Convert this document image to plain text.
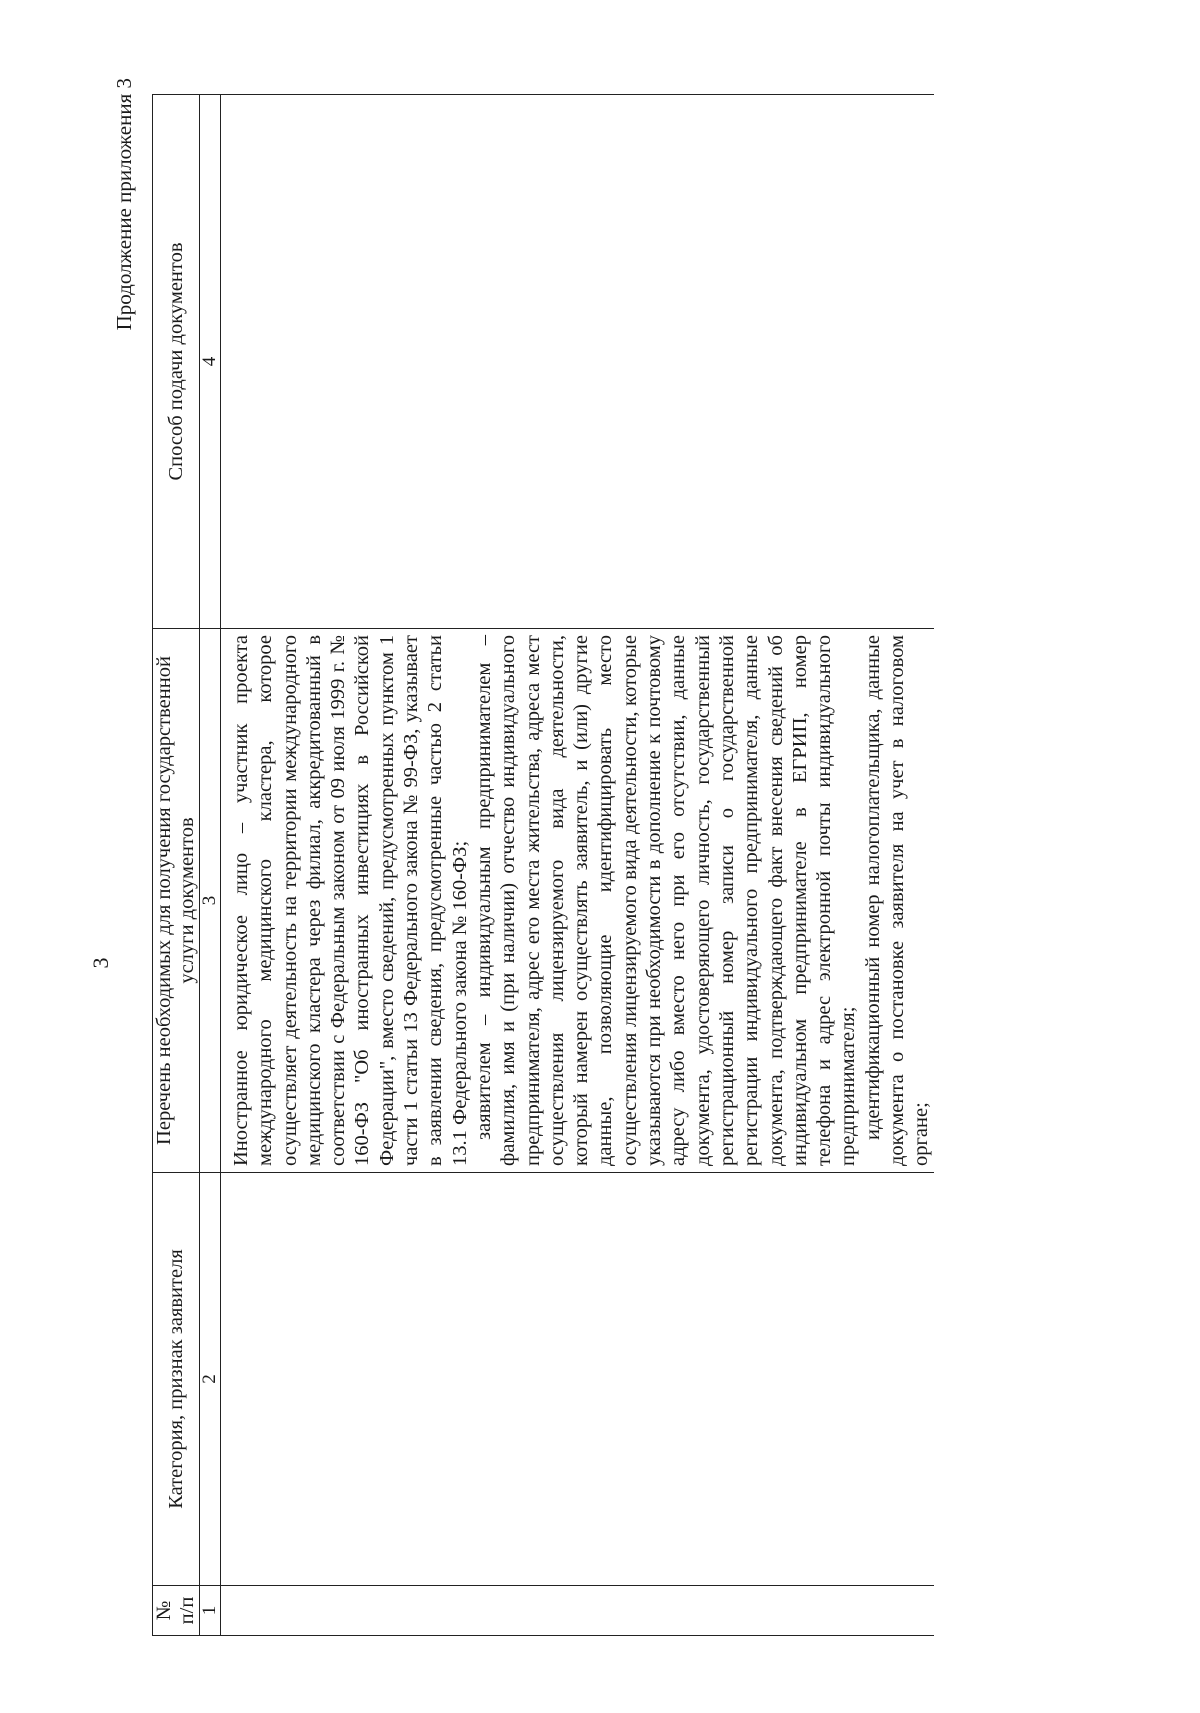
3
Продолжение приложения 3
№ п/п	Категория, признак заявителя	Перечень необходимых для получения государственной услуги документов	Способ подачи документов
1	2	3	4

		Иностранное юридическое лицо – участник проекта международного медицинского кластера, которое осуществляет деятельность на территории международного медицинского кластера через филиал, аккредитованный в соответствии с Федеральным законом от 09 июля 1999 г. № 160-ФЗ "Об иностранных инвестициях в Российской Федерации", вместо сведений, предусмотренных пунктом 1 части 1 статьи 13 Федерального закона № 99-ФЗ, указывает в заявлении сведения, предусмотренные частью 2 статьи 13.1 Федерального закона № 160-ФЗ; заявителем – индивидуальным предпринимателем – фамилия, имя и (при наличии) отчество индивидуального предпринимателя, адрес его места жительства, адреса мест осуществления лицензируемого вида деятельности, который намерен осуществлять заявитель, и (или) другие данные, позволяющие идентифицировать место осуществления лицензируемого вида деятельности, которые указываются при необходимости в дополнение к почтовому адресу либо вместо него при его отсутствии, данные документа, удостоверяющего личность, государственный регистрационный номер записи о государственной регистрации индивидуального предпринимателя, данные документа, подтверждающего факт внесения сведений об индивидуальном предпринимателе в ЕГРИП, номер телефона и адрес электронной почты индивидуального предпринимателя; идентификационный номер налогоплательщика, данные документа о постановке заявителя на учет в налоговом органе;	
